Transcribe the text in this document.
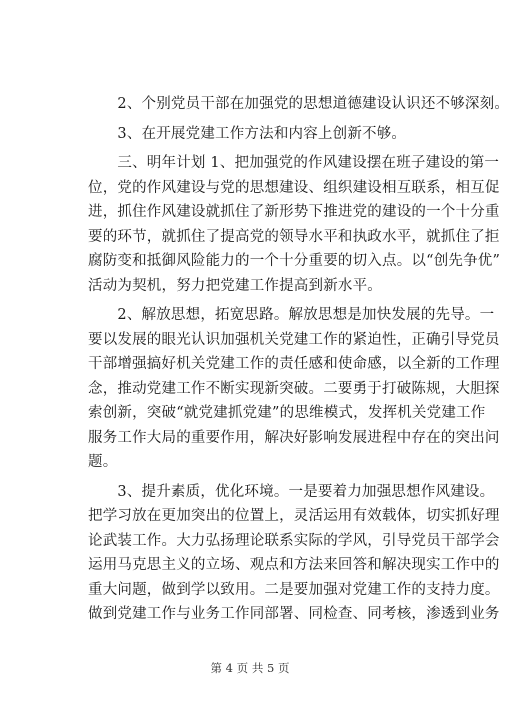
　　2、个别党员干部在加强党的思想道德建设认识还不够深刻。

　　3、在开展党建工作方法和内容上创新不够。

　　三、明年计划 1、把加强党的作风建设摆在班子建设的第一
位，党的作风建设与党的思想建设、组织建设相互联系，相互促
进，抓住作风建设就抓住了新形势下推进党的建设的一个十分重
要的环节，就抓住了提高党的领导水平和执政水平，就抓住了拒
腐防变和抵御风险能力的一个十分重要的切入点。以“创先争优”
活动为契机，努力把党建工作提高到新水平。

　　2、解放思想，拓宽思路。解放思想是加快发展的先导。一
要以发展的眼光认识加强机关党建工作的紧迫性，正确引导党员
干部增强搞好机关党建工作的责任感和使命感，以全新的工作理
念，推动党建工作不断实现新突破。二要勇于打破陈规，大胆探
索创新，突破“就党建抓党建”的思维模式，发挥机关党建工作
服务工作大局的重要作用，解决好影响发展进程中存在的突出问
题。

　　3、提升素质，优化环境。一是要着力加强思想作风建设。
把学习放在更加突出的位置上，灵活运用有效载体，切实抓好理
论武装工作。大力弘扬理论联系实际的学风，引导党员干部学会
运用马克思主义的立场、观点和方法来回答和解决现实工作中的
重大问题，做到学以致用。二是要加强对党建工作的支持力度。
做到党建工作与业务工作同部署、同检查、同考核，渗透到业务

第 4 页 共 5 页
